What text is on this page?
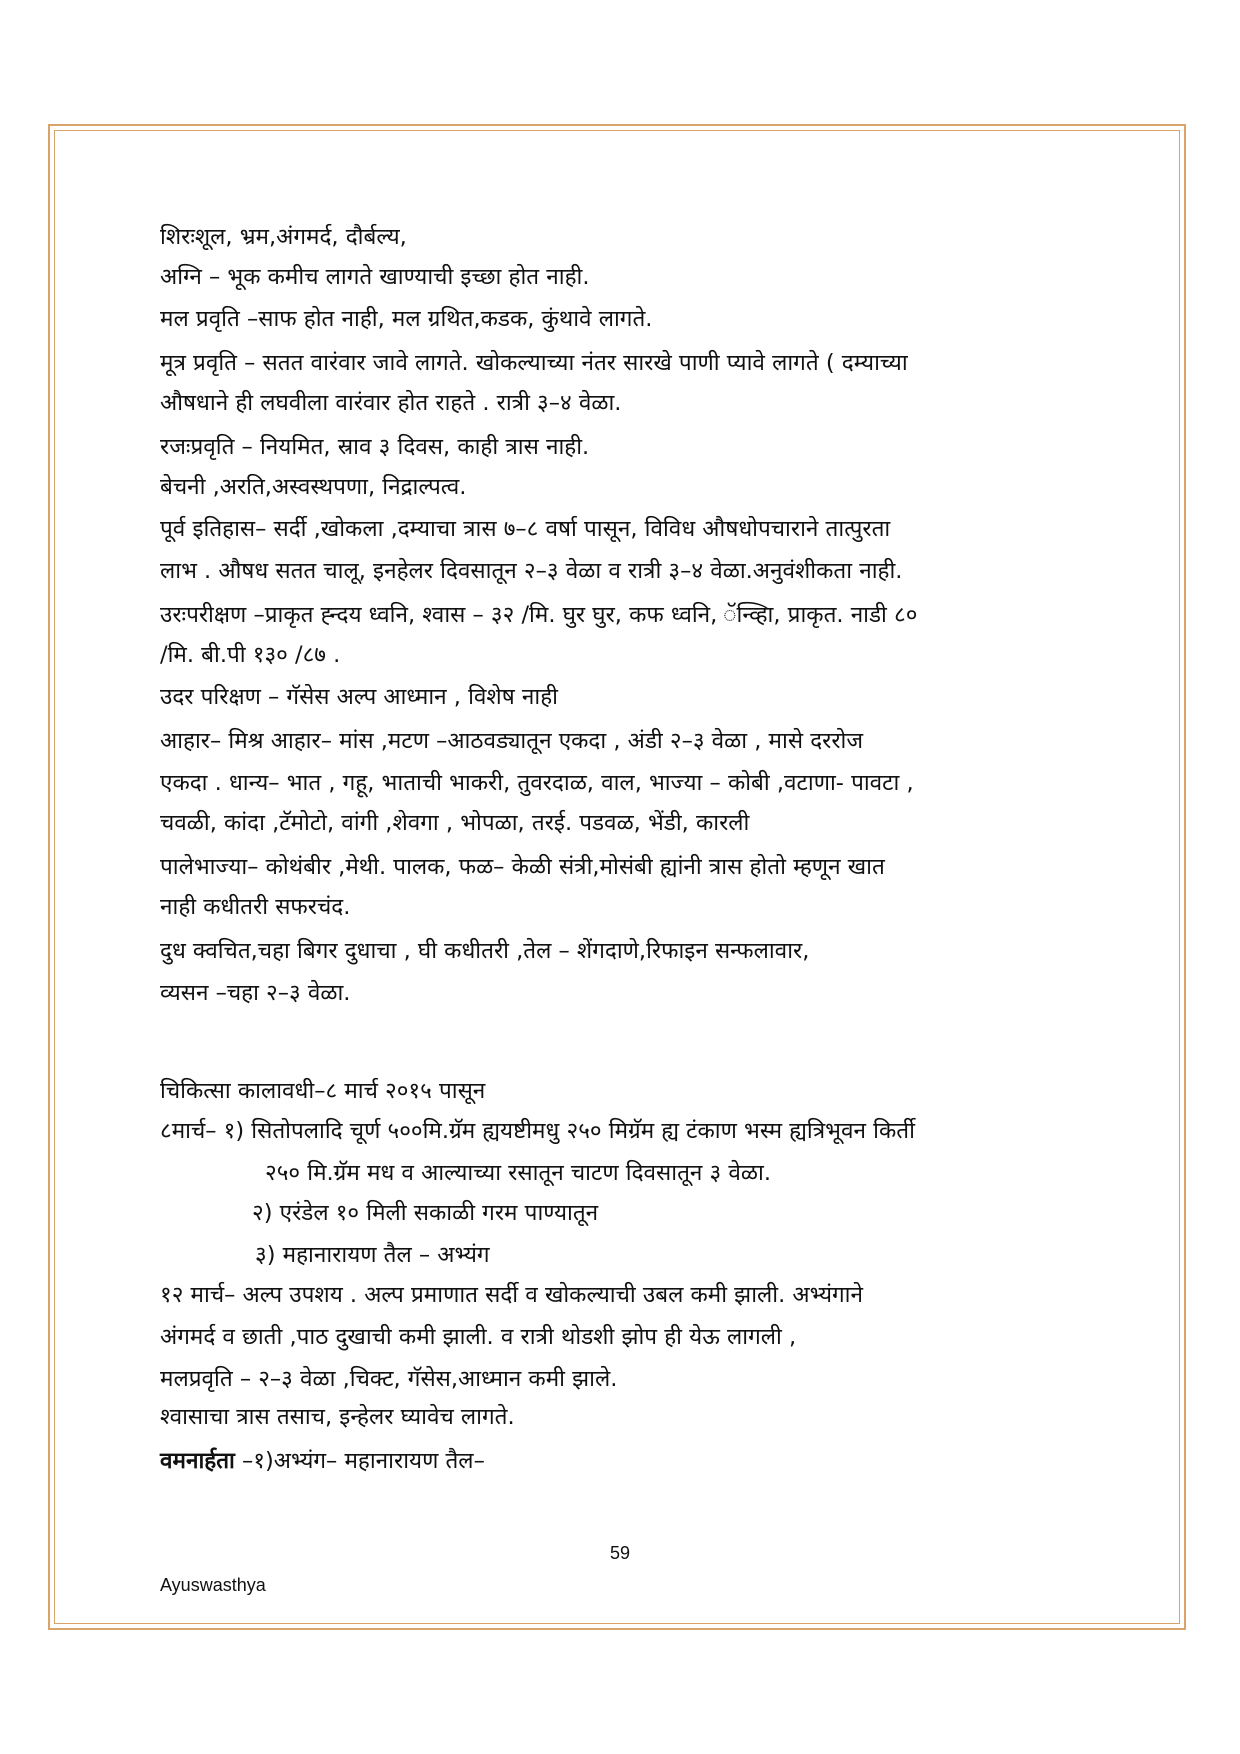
शिरःशूल, भ्रम,अंगमर्द, दौर्बल्य,
अग्नि – भूक कमीच लागते खाण्याची इच्छा होत नाही.
मल प्रवृति –साफ होत नाही, मल ग्रथित,कडक, कुंथावे लागते.
मूत्र प्रवृति – सतत वारंवार जावे लागते. खोकल्याच्या नंतर सारखे पाणी प्यावे लागते ( दम्याच्या
औषधाने ही लघवीला वारंवार होत राहते . रात्री ३–४ वेळा.
रजःप्रवृति – नियमित, स्राव ३ दिवस, काही त्रास नाही.
बेचनी ,अरति,अस्वस्थपणा, निद्राल्पत्व.
पूर्व इतिहास– सर्दी ,खोकला ,दम्याचा त्रास ७–८ वर्षा पासून, विविध औषधोपचाराने तात्पुरता
लाभ . औषध सतत चालू, इनहेलर दिवसातून २–३ वेळा व रात्री ३–४ वेळा.अनुवंशीकता नाही.
उरःपरीक्षण –प्राकृत ह्न्दय ध्वनि, श्वास – ३२ /मि. घुर घुर, कफ ध्वनि, ॅन्व्हाि, प्राकृत. नाडी ८०
/मि. बी.पी १३० /८७ .
उदर परिक्षण – गॅसेस अल्प आध्मान , विशेष नाही
आहार– मिश्र आहार– मांस ,मटण –आठवड्यातून एकदा , अंडी २–३ वेळा , मासे दररोज
एकदा . धान्य– भात , गहू, भाताची भाकरी, तुवरदाळ, वाल, भाज्या – कोबी ,वटाणा- पावटा ,
चवळी, कांदा ,टॅमोटो, वांगी ,शेवगा , भोपळा, तरई. पडवळ, भेंडी, कारली
पालेभाज्या– कोथंबीर ,मेथी. पालक, फळ– केळी संत्री,मोसंबी ह्यांनी त्रास होतो म्हणून खात
नाही कधीतरी सफरचंद.
दुध क्वचित,चहा बिगर दुधाचा , घी कधीतरी ,तेल – शेंगदाणे,रिफाइन सन्फलावार,
व्यसन –चहा २–३ वेळा.
चिकित्सा कालावधी–८ मार्च २०१५ पासून
८मार्च– १) सितोपलादि चूर्ण ५००मि.ग्रॅम ह्ययष्टीमधु २५० मिग्रॅम ह्य टंकाण भस्म ह्यत्रिभूवन किर्ती
२५० मि.ग्रॅम मध व आल्याच्या रसातून चाटण दिवसातून ३ वेळा.
२) एरंडेल १० मिली सकाळी गरम पाण्यातून
३) महानारायण तैल – अभ्यंग
१२ मार्च– अल्प उपशय . अल्प प्रमाणात सर्दी व खोकल्याची उबल कमी झाली. अभ्यंगाने
अंगमर्द व छाती ,पाठ दुखाची कमी झाली. व रात्री थोडशी झोप ही येऊ लागली ,
मलप्रवृति – २–३ वेळा ,चिक्ट, गॅसेस,आध्मान कमी झाले.
श्वासाचा त्रास तसाच, इन्हेलर घ्यावेच लागते.
वमनार्हता –१)अभ्यंग– महानारायण तैल–
59
Ayuswasthya
